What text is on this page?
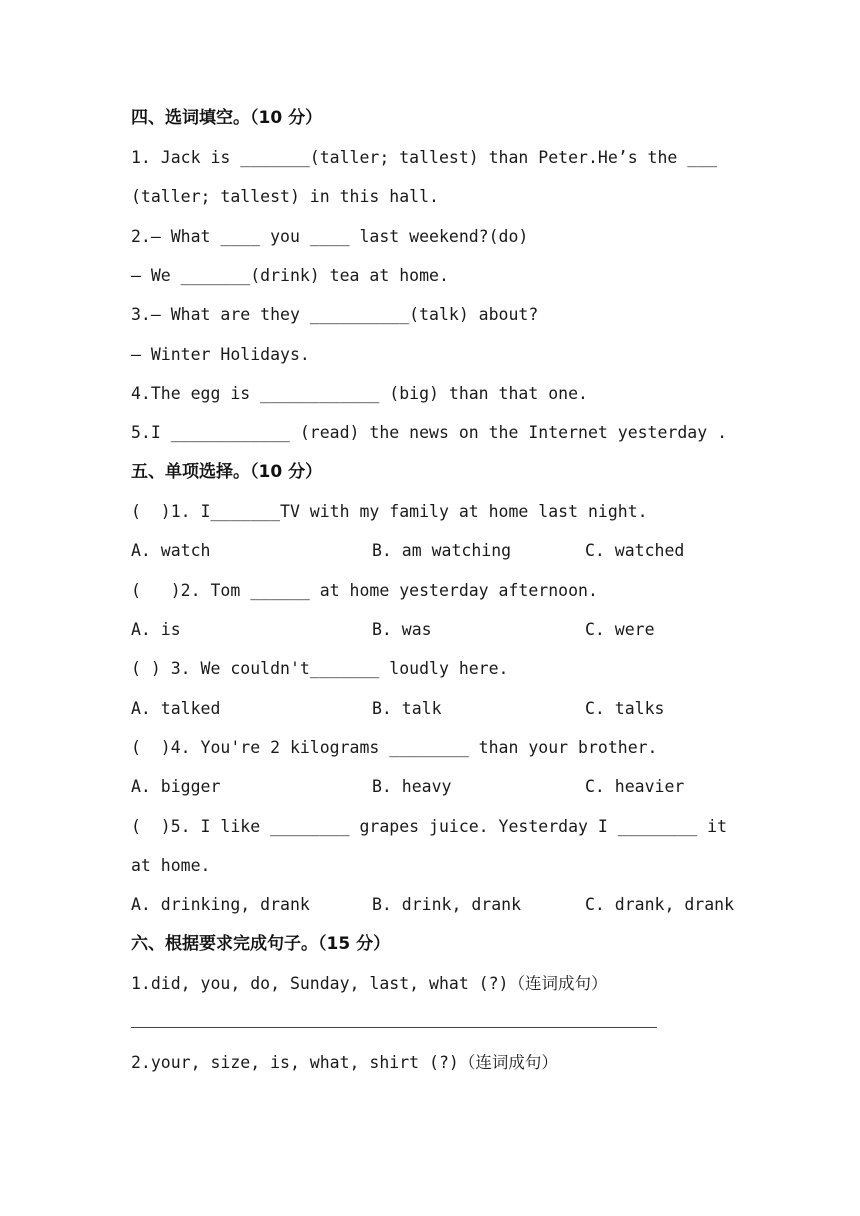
四、选词填空。（10 分）
1. Jack is _______(taller; tallest) than Peter.He’s the ___
(taller; tallest) in this hall.
2.— What ____ you ____ last weekend?(do)
— We _______(drink) tea at home.
3.— What are they __________(talk) about?
— Winter Holidays.
4.The egg is ____________ (big) than that one.
5.I ____________ (read) the news on the Internet yesterday .
五、单项选择。（10 分）
(  )1. I_______TV with my family at home last night.
A. watch	B. am watching	C. watched
(   )2. Tom ______ at home yesterday afternoon.
A. is	B. was	C. were
( ) 3. We couldn't_______ loudly here.
A. talked	B. talk	C. talks
(  )4. You're 2 kilograms ________ than your brother.
A. bigger	B. heavy	C. heavier
(  )5. I like ________ grapes juice. Yesterday I ________ it
at home.
A. drinking, drank	B. drink, drank	C. drank, drank
六、根据要求完成句子。（15 分）
1.did, you, do, Sunday, last, what (?)（连词成句）
2.your, size, is, what, shirt (?)（连词成句）
